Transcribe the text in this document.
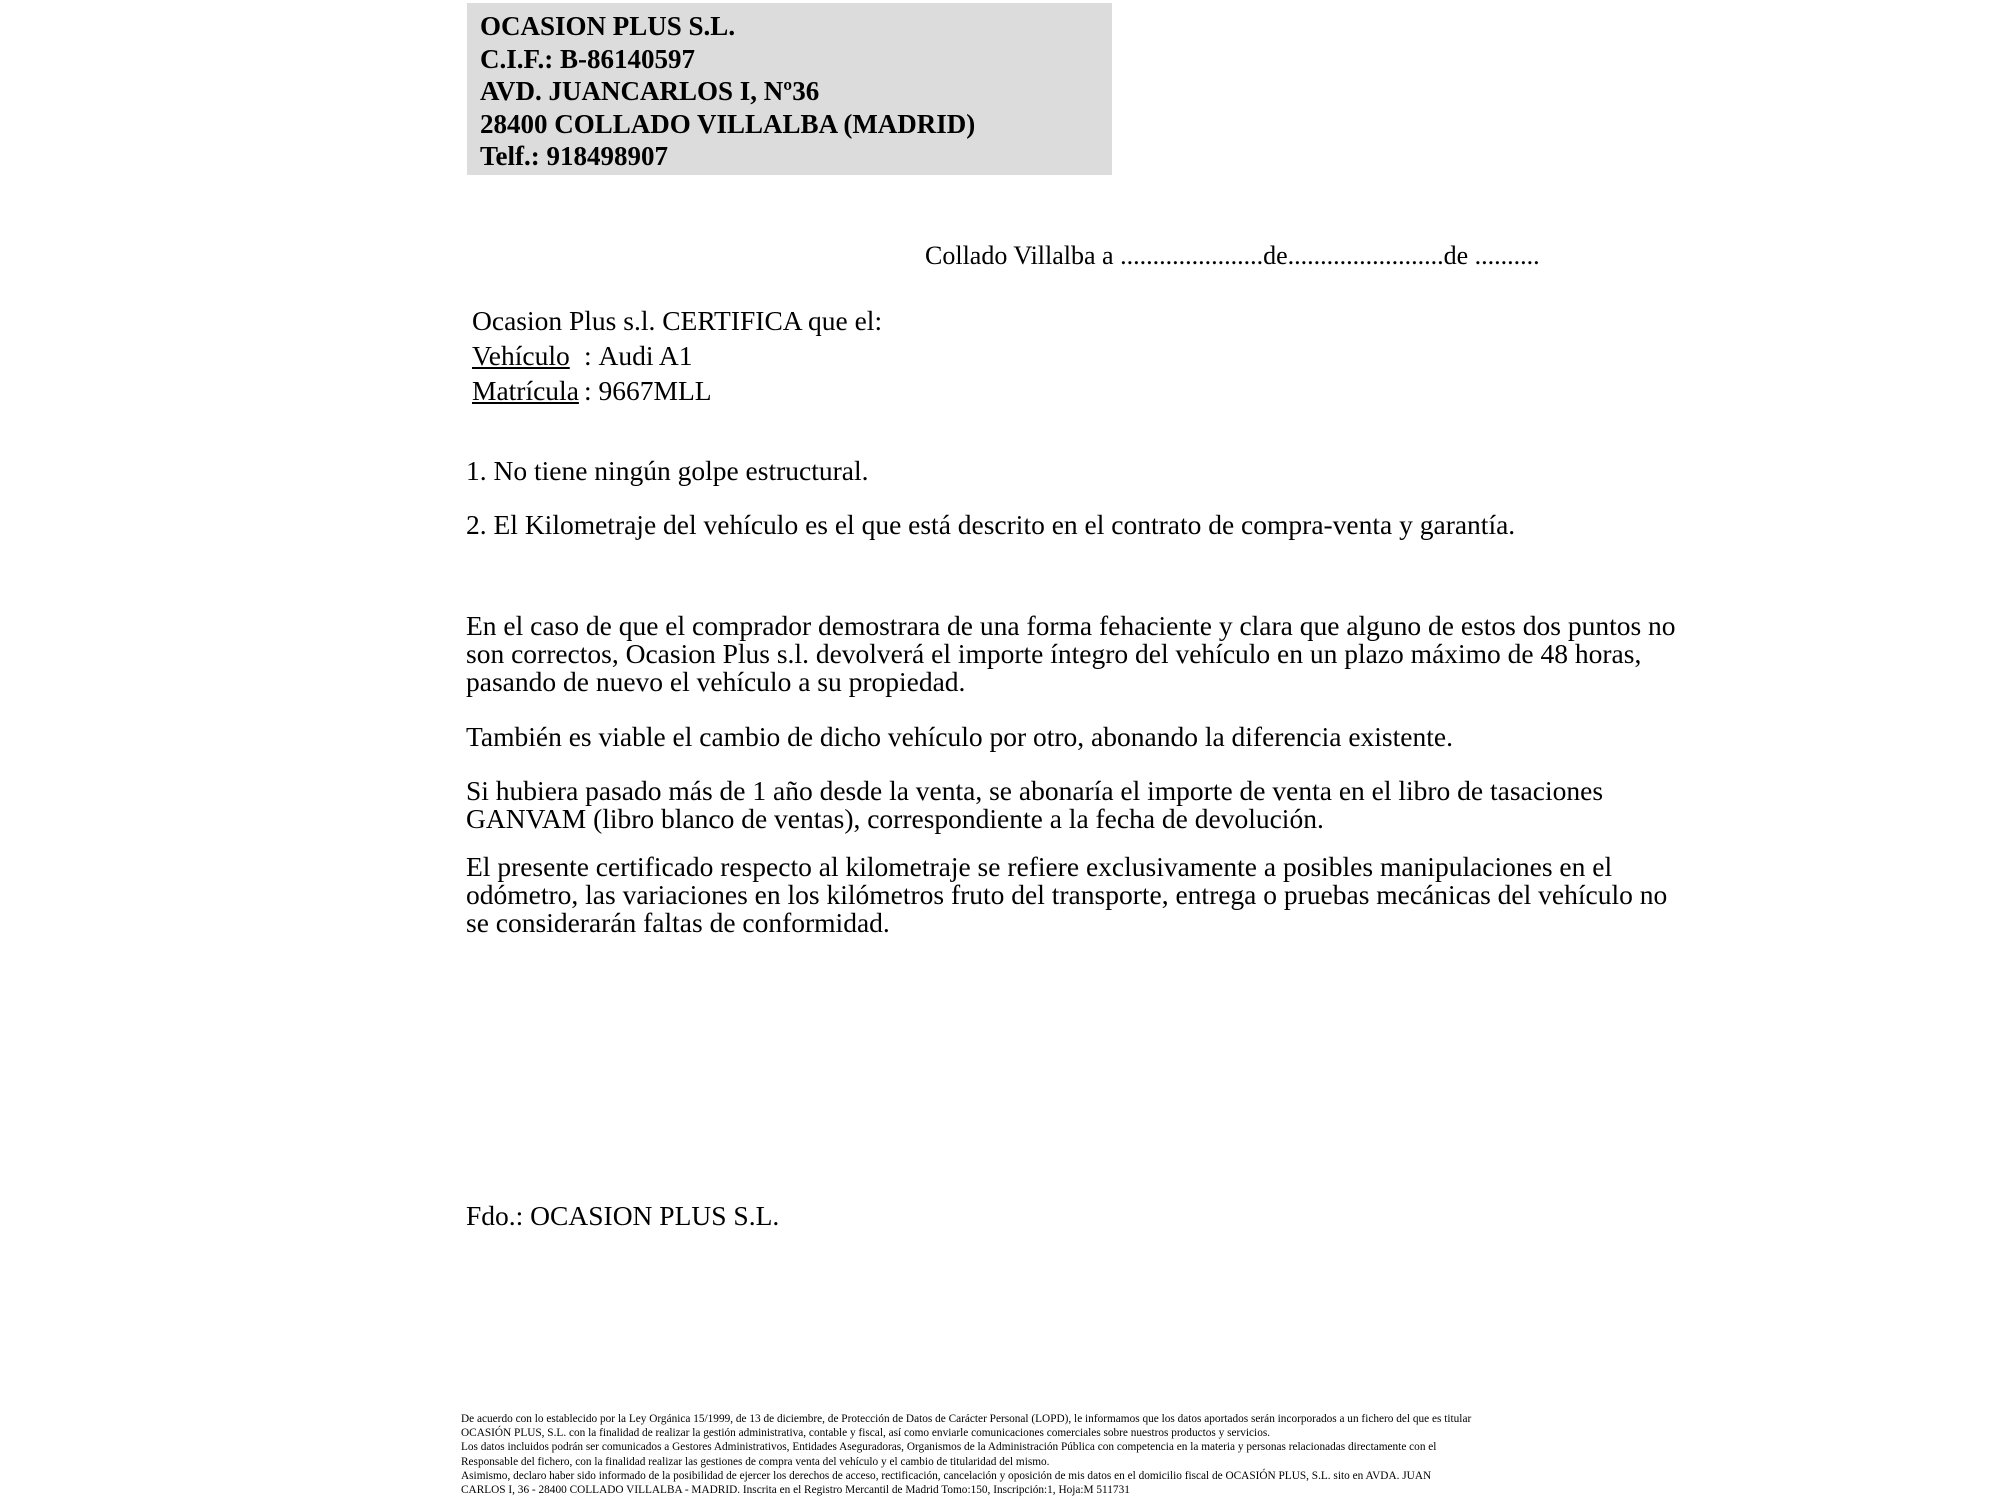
OCASION PLUS S.L.
C.I.F.: B-86140597
AVD. JUANCARLOS I, Nº36
28400 COLLADO VILLALBA (MADRID)
Telf.: 918498907
Collado Villalba a ......................de........................de ..........
Ocasion Plus s.l. CERTIFICA que el:
Vehículo : Audi A1
Matrícula : 9667MLL
1. No tiene ningún golpe estructural.
2. El Kilometraje del vehículo es el que está descrito en el contrato de compra-venta y garantía.
En el caso de que el comprador demostrara de una forma fehaciente y clara que alguno de estos dos puntos no
son correctos, Ocasion Plus s.l. devolverá el importe íntegro del vehículo en un plazo máximo de 48 horas,
pasando de nuevo el vehículo a su propiedad.
También es viable el cambio de dicho vehículo por otro, abonando la diferencia existente.
Si hubiera pasado más de 1 año desde la venta, se abonaría el importe de venta en el libro de tasaciones
GANVAM (libro blanco de ventas), correspondiente a la fecha de devolución.
El presente certificado respecto al kilometraje se refiere exclusivamente a posibles manipulaciones en el
odómetro, las variaciones en los kilómetros fruto del transporte, entrega o pruebas mecánicas del vehículo no
se considerarán faltas de conformidad.
Fdo.: OCASION PLUS S.L.
De acuerdo con lo establecido por la Ley Orgánica 15/1999, de 13 de diciembre, de Protección de Datos de Carácter Personal (LOPD), le informamos que los datos aportados serán incorporados a un fichero del que es titular
OCASIÓN PLUS, S.L. con la finalidad de realizar la gestión administrativa, contable y fiscal, así como enviarle comunicaciones comerciales sobre nuestros productos y servicios.
Los datos incluidos podrán ser comunicados a Gestores Administrativos, Entidades Aseguradoras, Organismos de la Administración Pública con competencia en la materia y personas relacionadas directamente con el
Responsable del fichero, con la finalidad realizar las gestiones de compra venta del vehículo y el cambio de titularidad del mismo.
Asimismo, declaro haber sido informado de la posibilidad de ejercer los derechos de acceso, rectificación, cancelación y oposición de mis datos en el domicilio fiscal de OCASIÓN PLUS, S.L. sito en AVDA. JUAN
CARLOS I, 36 - 28400 COLLADO VILLALBA - MADRID. Inscrita en el Registro Mercantil de Madrid Tomo:150, Inscripción:1, Hoja:M 511731
